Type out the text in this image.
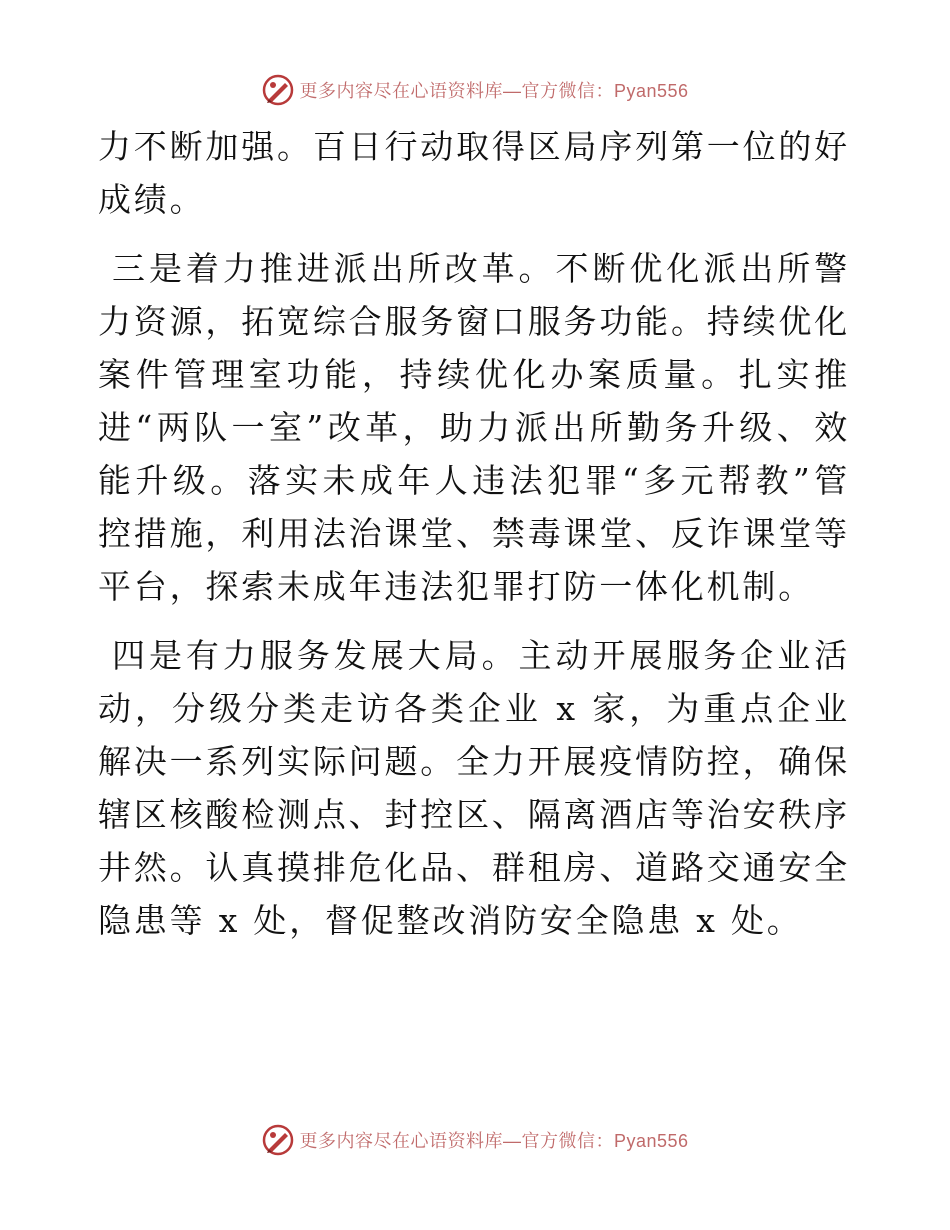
更多内容尽在心语资料库—官方微信：Pyan556

力不断加强。百日行动取得区局序列第一位的好成绩。

三是着力推进派出所改革。不断优化派出所警力资源，拓宽综合服务窗口服务功能。持续优化案件管理室功能，持续优化办案质量。扎实推进“两队一室”改革，助力派出所勤务升级、效能升级。落实未成年人违法犯罪“多元帮教”管控措施，利用法治课堂、禁毒课堂、反诈课堂等平台，探索未成年违法犯罪打防一体化机制。

四是有力服务发展大局。主动开展服务企业活动，分级分类走访各类企业 x 家，为重点企业解决一系列实际问题。全力开展疫情防控，确保辖区核酸检测点、封控区、隔离酒店等治安秩序井然。认真摸排危化品、群租房、道路交通安全隐患等 x 处，督促整改消防安全隐患 x 处。

更多内容尽在心语资料库—官方微信：Pyan556
